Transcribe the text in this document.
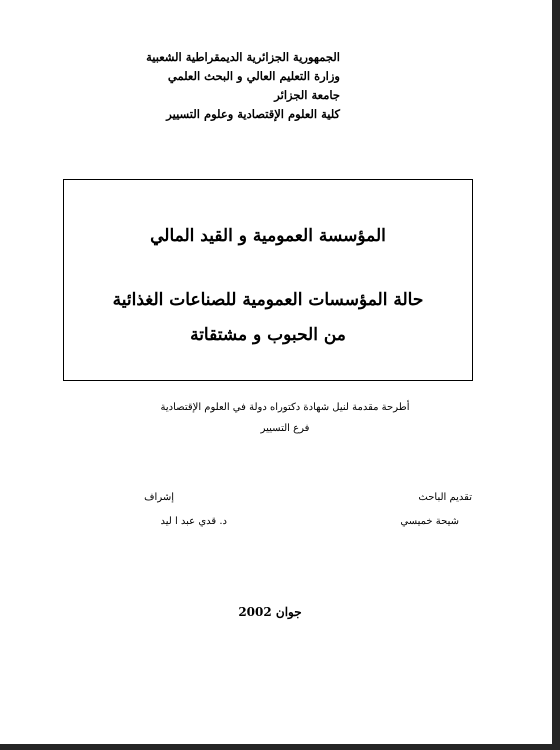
الجمهورية الجزائرية الديمقراطية الشعبية
وزارة التعليم العالي و البحث العلمي
جامعة الجزائر
كلية العلوم الإقتصادية وعلوم التسيير
المؤسسة العمومية و القيد المالي
حالة المؤسسات العمومية للصناعات الغذائية
من الحبوب و مشتقاتة
أطرحة مقدمة لنيل شهادة دكتوراه دولة في العلوم الإقتصادية
فرع التسيير
تقديم الباحث
شيحة خميسي
إشراف
د. قدي عبد ا ليد
جوان 2002
